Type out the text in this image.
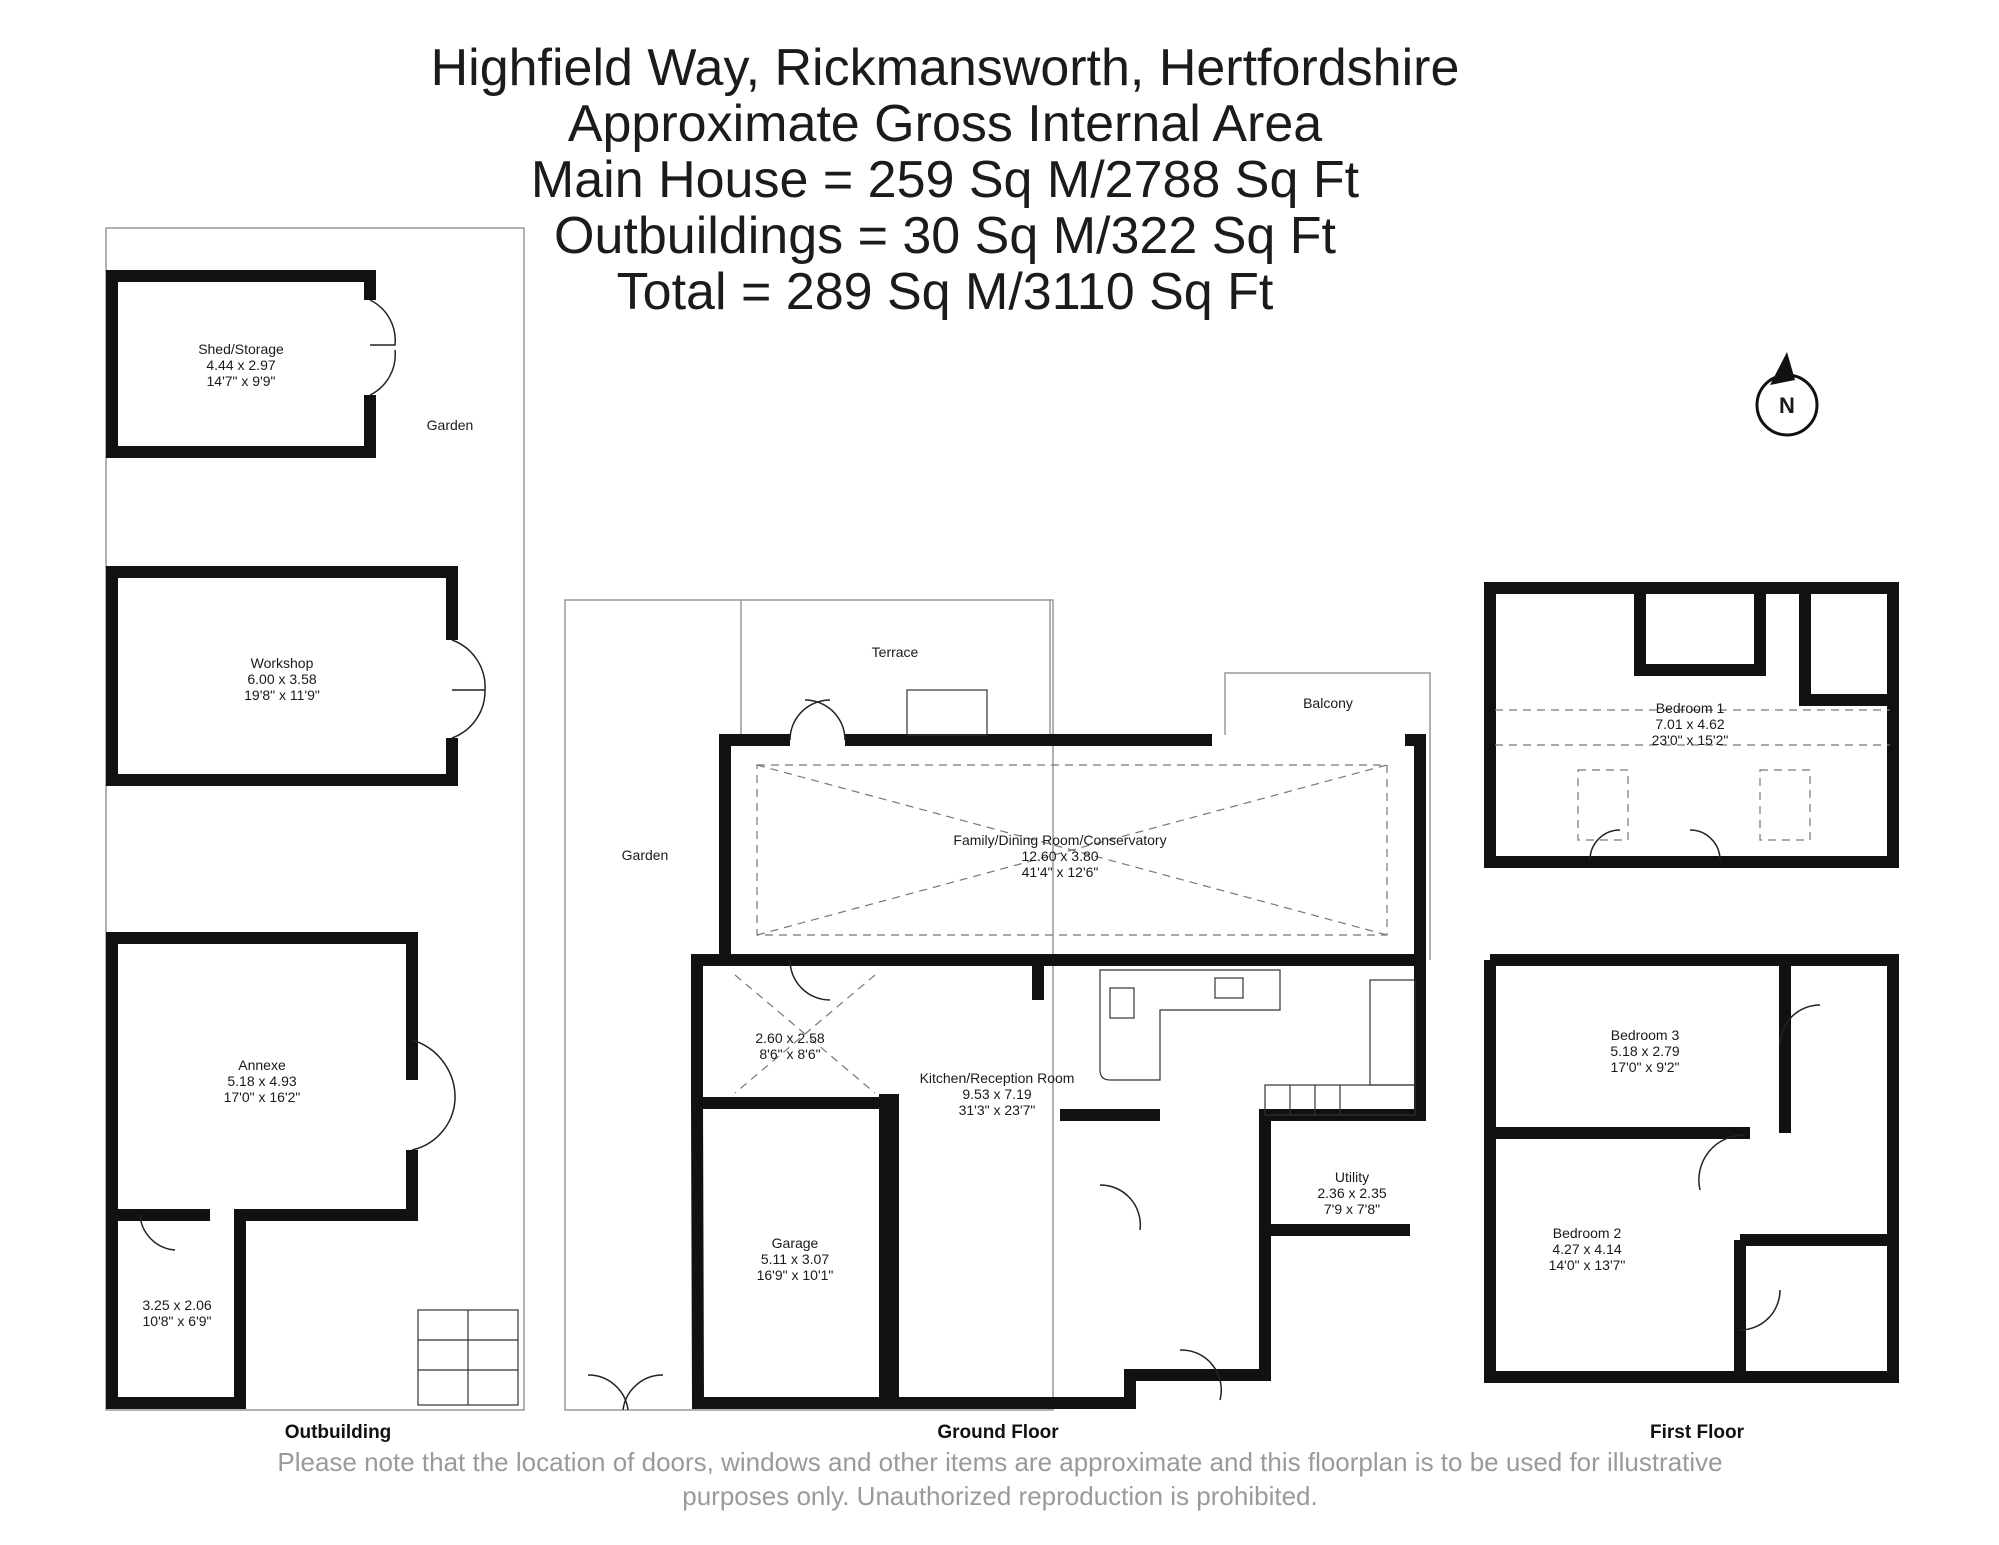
Highfield Way, Rickmansworth, Hertfordshire
Approximate Gross Internal Area
Main House = 259 Sq M/2788 Sq Ft
Outbuildings = 30 Sq M/322 Sq Ft
Total = 289 Sq M/3110 Sq Ft
N
Garden
Shed/Storage
4.44 x 2.97
14'7" x 9'9"
Workshop
6.00 x 3.58
19'8" x 11'9"
Annexe
5.18 x 4.93
17'0" x 16'2"
3.25 x 2.06
10'8" x 6'9"
Outbuilding
Terrace
Balcony
Garden
Family/Dining Room/Conservatory
12.60 x 3.80
41'4" x 12'6"
Kitchen/Reception Room
9.53 x 7.19
31'3" x 23'7"
2.60 x 2.58
8'6" x 8'6"
Garage
5.11 x 3.07
16'9" x 10'1"
Utility
2.36 x 2.35
7'9 x 7'8"
Ground Floor
Bedroom 1
7.01 x 4.62
23'0" x 15'2"
Bedroom 3
5.18 x 2.79
17'0" x 9'2"
Bedroom 2
4.27 x 4.14
14'0" x 13'7"
First Floor
Please note that the location of doors, windows and other items are approximate and this floorplan is to be used for illustrative
purposes only. Unauthorized reproduction is prohibited.
